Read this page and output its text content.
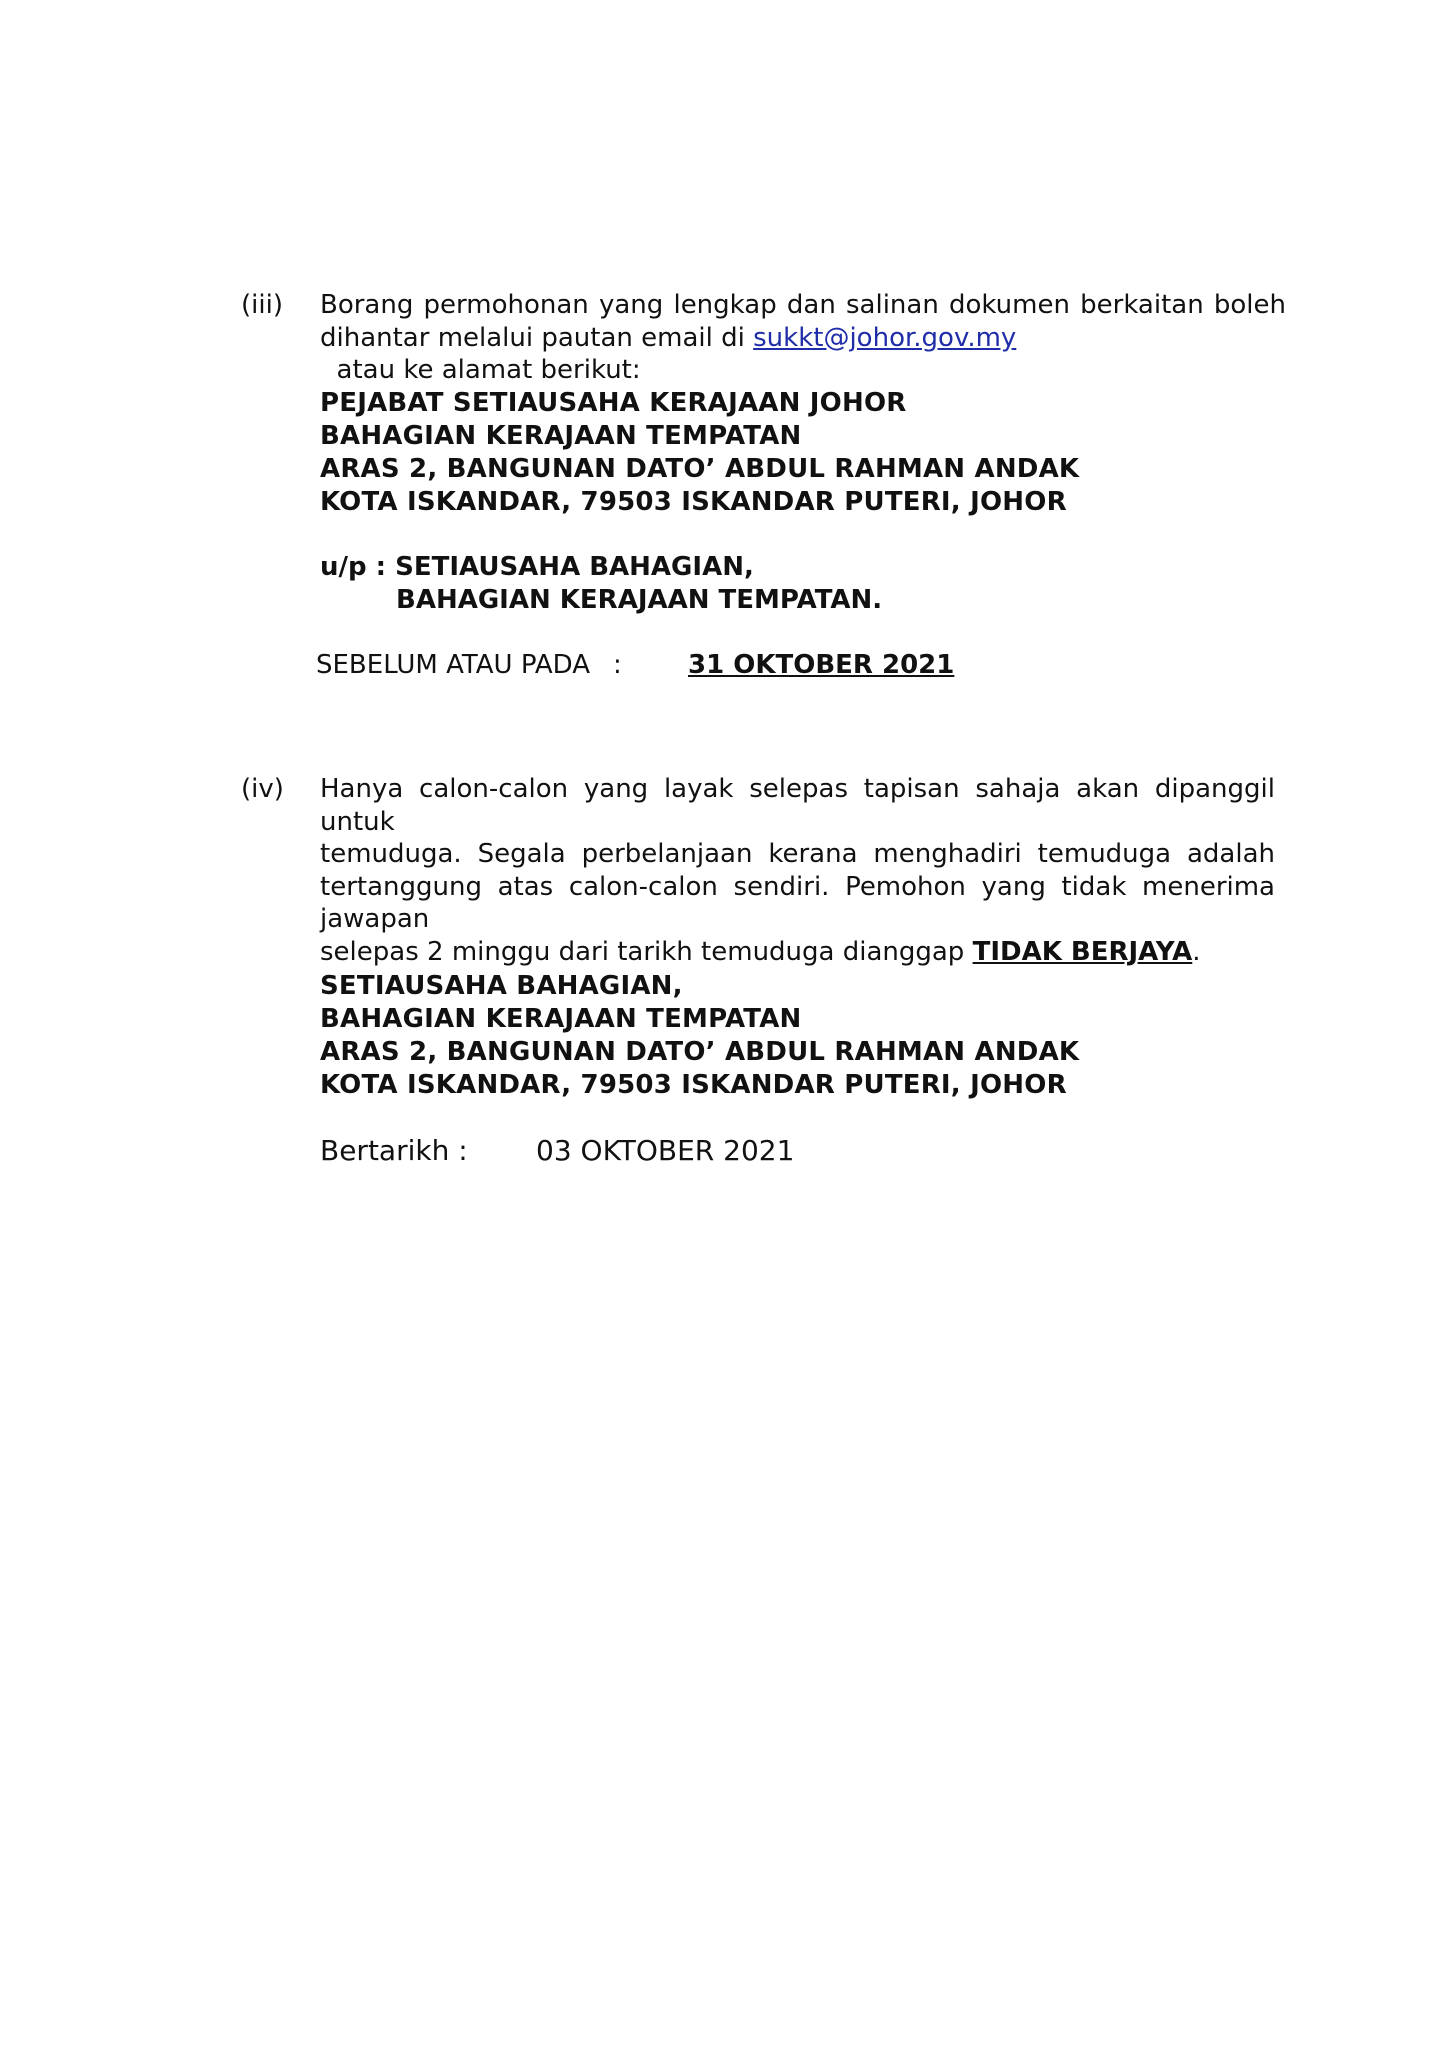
(iii) Borang permohonan yang lengkap dan salinan dokumen berkaitan boleh
dihantar melalui pautan email di sukkt@johor.gov.my  atau ke alamat berikut:
PEJABAT SETIAUSAHA KERAJAAN JOHOR
BAHAGIAN KERAJAAN TEMPATAN
ARAS 2, BANGUNAN DATO’ ABDUL RAHMAN ANDAK
KOTA ISKANDAR, 79503 ISKANDAR PUTERI, JOHOR
u/p : SETIAUSAHA BAHAGIAN,
BAHAGIAN KERAJAAN TEMPATAN.
SEBELUM ATAU PADA :	31 OKTOBER 2021
(iv) Hanya calon-calon yang layak selepas tapisan sahaja akan dipanggil untuk
temuduga. Segala perbelanjaan kerana menghadiri temuduga adalah
tertanggung atas calon-calon sendiri. Pemohon yang tidak menerima jawapan
selepas 2 minggu dari tarikh temuduga dianggap TIDAK BERJAYA.
SETIAUSAHA BAHAGIAN,
BAHAGIAN KERAJAAN TEMPATAN
ARAS 2, BANGUNAN DATO’ ABDUL RAHMAN ANDAK
KOTA ISKANDAR, 79503 ISKANDAR PUTERI, JOHOR
Bertarikh : 03 OKTOBER 2021
